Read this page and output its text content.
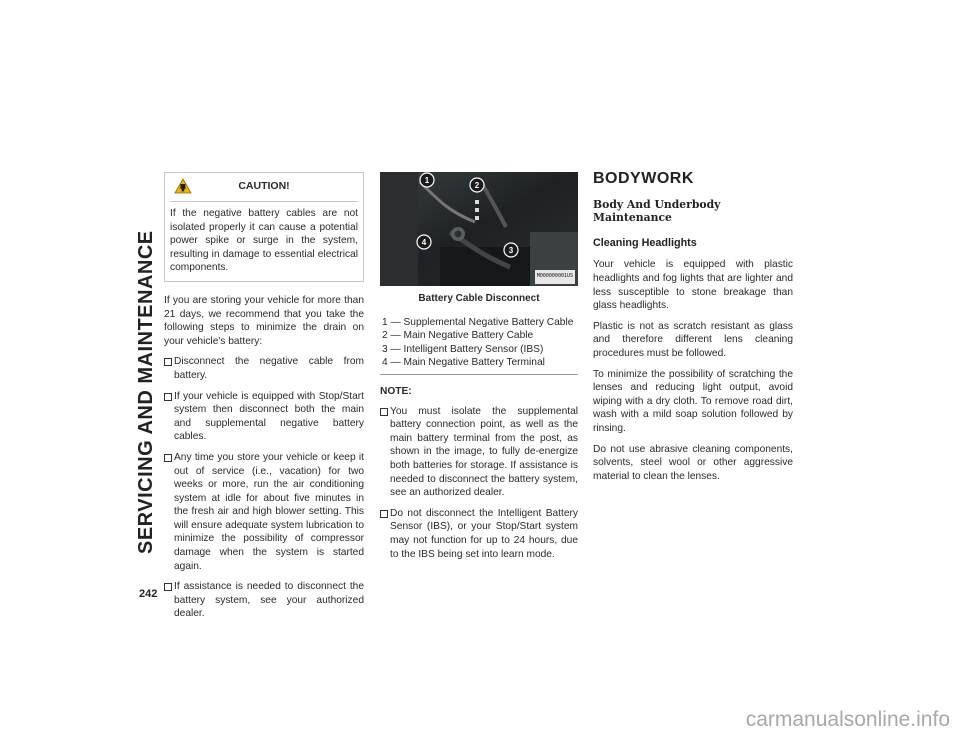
SERVICING AND MAINTENANCE
242
CAUTION!

If the negative battery cables are not isolated properly it can cause a potential power spike or surge in the system, resulting in damage to essential electrical components.

If you are storing your vehicle for more than 21 days, we recommend that you take the following steps to minimize the drain on your vehicle's battery:

Disconnect the negative cable from battery.
If your vehicle is equipped with Stop/Start system then disconnect both the main and supplemental negative battery cables.
Any time you store your vehicle or keep it out of service (i.e., vacation) for two weeks or more, run the air conditioning system at idle for about five minutes in the fresh air and high blower setting. This will ensure adequate system lubrication to minimize the possibility of compressor damage when the system is started again.
If assistance is needed to disconnect the battery system, see your authorized dealer.
1
2
3
4
M000000001US
Battery Cable Disconnect
1 — Supplemental Negative Battery Cable
2 — Main Negative Battery Cable
3 — Intelligent Battery Sensor (IBS)
4 — Main Negative Battery Terminal
NOTE:
You must isolate the supplemental battery connection point, as well as the main battery terminal from the post, as shown in the image, to fully de-energize both batteries for storage. If assistance is needed to disconnect the battery system, see an authorized dealer.
Do not disconnect the Intelligent Battery Sensor (IBS), or your Stop/Start system may not function for up to 24 hours, due to the IBS being set into learn mode.
BODYWORK
Body And Underbody Maintenance
Cleaning Headlights

Your vehicle is equipped with plastic headlights and fog lights that are lighter and less susceptible to stone breakage than glass headlights.

Plastic is not as scratch resistant as glass and therefore different lens cleaning procedures must be followed.

To minimize the possibility of scratching the lenses and reducing light output, avoid wiping with a dry cloth. To remove road dirt, wash with a mild soap solution followed by rinsing.

Do not use abrasive cleaning components, solvents, steel wool or other aggressive material to clean the lenses.

carmanualsonline.info
